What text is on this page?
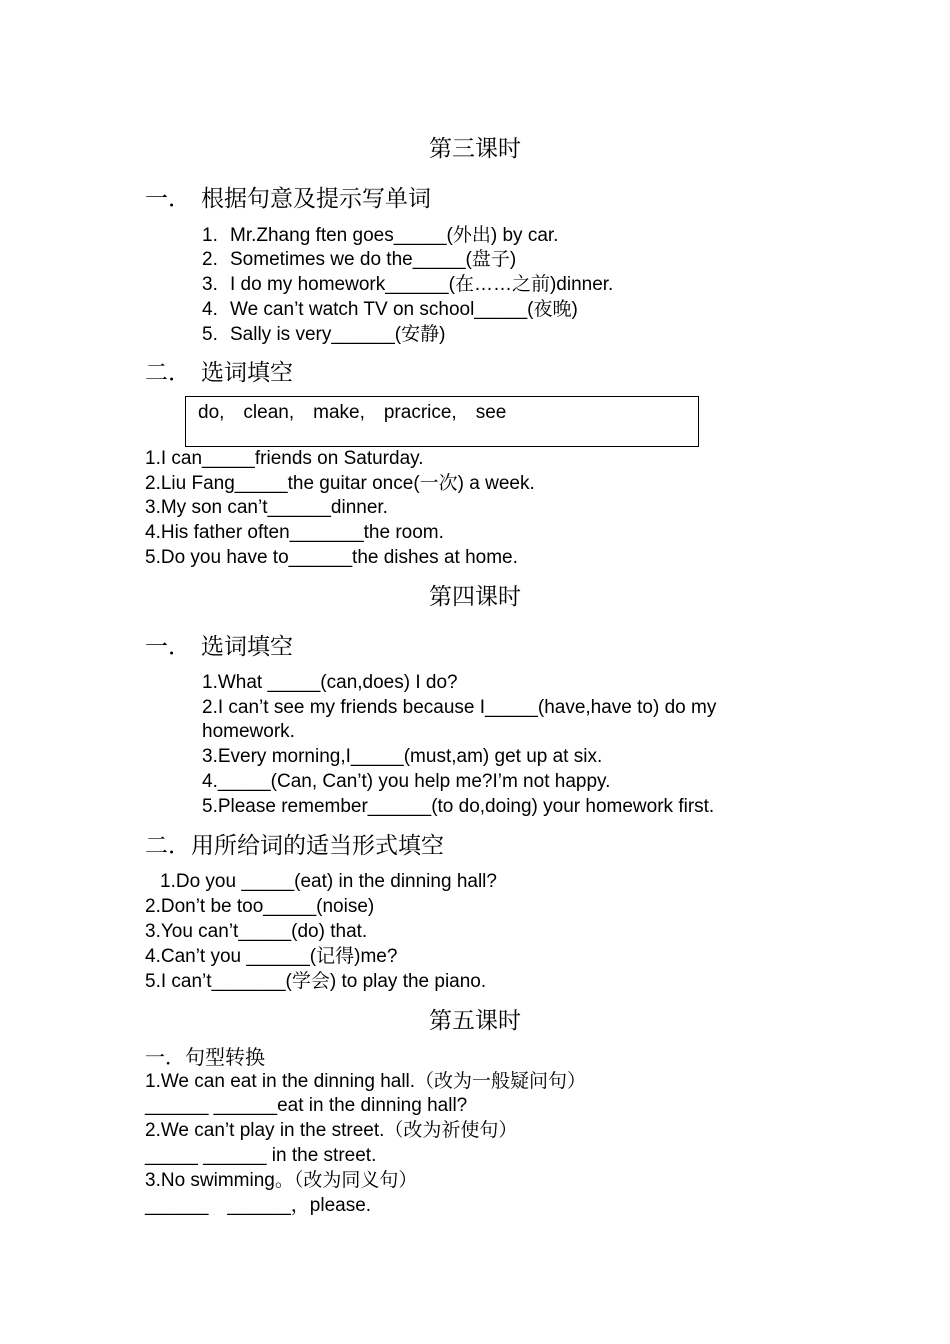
第三课时
一． 根据句意及提示写单词
1. Mr.Zhang ften goes_____(外出) by car.
2. Sometimes we do the_____(盘子)
3. I do my homework______(在……之前)dinner.
4. We can’t watch TV on school_____(夜晚)
5. Sally is very______(安静)
二． 选词填空
do,　clean,　make,　pracrice,　see
1.I can_____friends on Saturday.
2.Liu Fang_____the guitar once(一次) a week.
3.My son can’t______dinner.
4.His father often_______the room.
5.Do you have to______the dishes at home.
第四课时
一． 选词填空
1.What _____(can,does) I do?
2.I can’t see my friends because I_____(have,have to) do my
homework.
3.Every morning,I_____(must,am) get up at six.
4._____(Can, Can’t) you help me?I’m not happy.
5.Please remember______(to do,doing) your homework first.
二．用所给词的适当形式填空
1.Do you _____(eat) in the dinning hall?
2.Don’t be too_____(noise)
3.You can’t_____(do) that.
4.Can’t you ______(记得)me?
5.I can’t_______(学会) to play the piano.
第五课时
一．句型转换
1.We can eat in the dinning hall.（改为一般疑问句）
______ ______eat in the dinning hall?
2.We can’t play in the street.（改为祈使句）
_____ ______ in the street.
3.No swimming。（改为同义句）
______　______，please.
